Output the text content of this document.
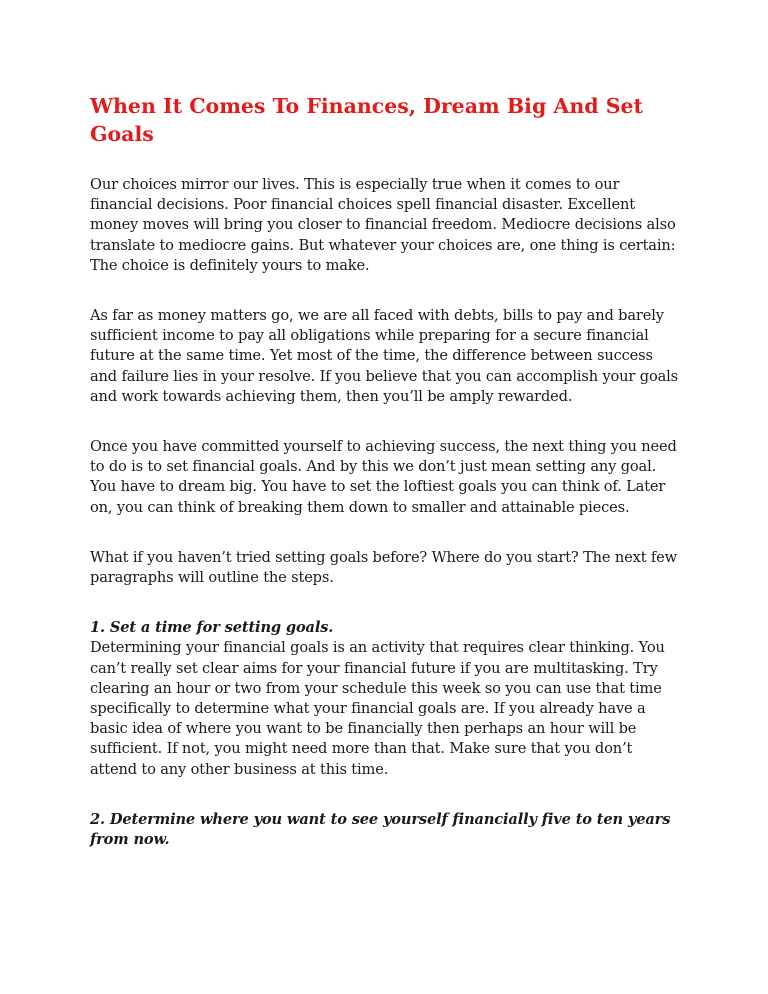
When It Comes To Finances, Dream Big And Set Goals

Our choices mirror our lives. This is especially true when it comes to our financial decisions. Poor financial choices spell financial disaster. Excellent money moves will bring you closer to financial freedom. Mediocre decisions also translate to mediocre gains. But whatever your choices are, one thing is certain: The choice is definitely yours to make.

As far as money matters go, we are all faced with debts, bills to pay and barely sufficient income to pay all obligations while preparing for a secure financial future at the same time. Yet most of the time, the difference between success and failure lies in your resolve. If you believe that you can accomplish your goals and work towards achieving them, then you’ll be amply rewarded.

Once you have committed yourself to achieving success, the next thing you need to do is to set financial goals. And by this we don’t just mean setting any goal. You have to dream big. You have to set the loftiest goals you can think of. Later on, you can think of breaking them down to smaller and attainable pieces.

What if you haven’t tried setting goals before? Where do you start? The next few paragraphs will outline the steps.

1. Set a time for setting goals.

Determining your financial goals is an activity that requires clear thinking. You can’t really set clear aims for your financial future if you are multitasking. Try clearing an hour or two from your schedule this week so you can use that time specifically to determine what your financial goals are. If you already have a basic idea of where you want to be financially then perhaps an hour will be sufficient. If not, you might need more than that. Make sure that you don’t attend to any other business at this time.

2. Determine where you want to see yourself financially five to ten years from now.
